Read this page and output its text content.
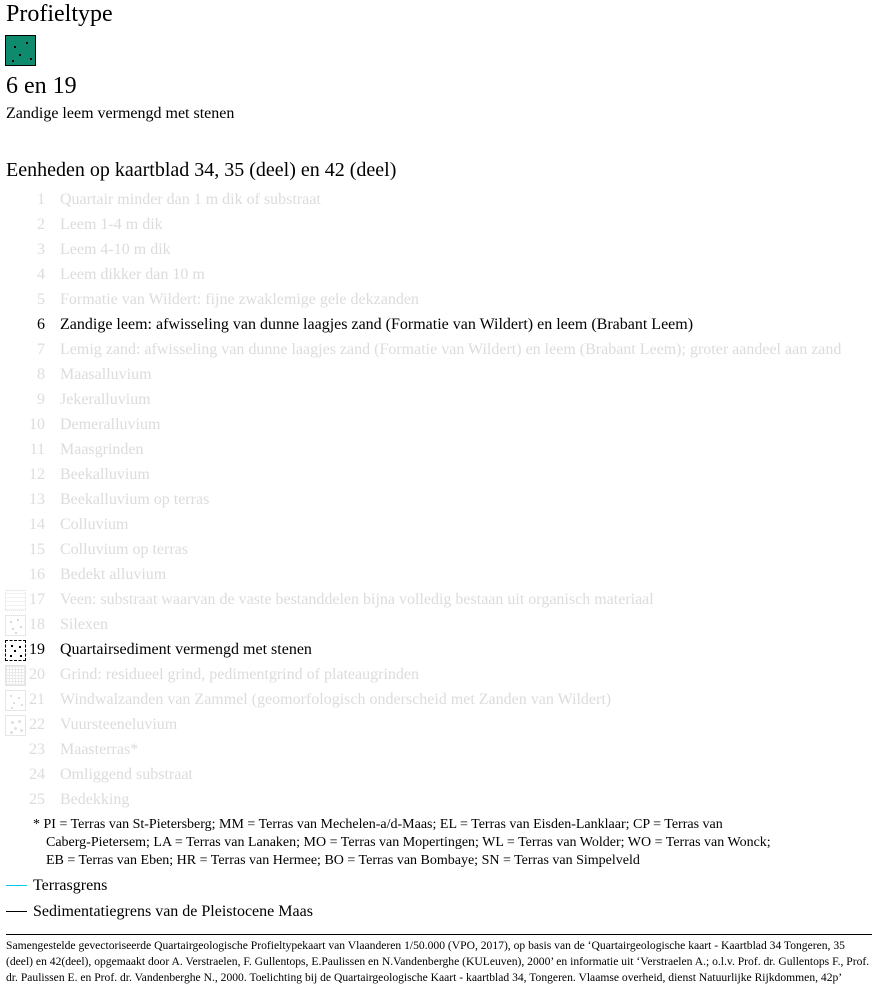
Profieltype
6 en 19
Zandige leem vermengd met stenen
Eenheden op kaartblad 34, 35 (deel) en 42 (deel)
1 Quartair minder dan 1 m dik of substraat
2 Leem 1-4 m dik
3 Leem 4-10 m dik
4 Leem dikker dan 10 m
5 Formatie van Wildert: fijne zwaklemige gele dekzanden
6 Zandige leem: afwisseling van dunne laagjes zand (Formatie van Wildert) en leem (Brabant Leem)
7 Lemig zand: afwisseling van dunne laagjes zand (Formatie van Wildert) en leem (Brabant Leem); groter aandeel aan zand
8 Maasalluvium
9 Jekeralluvium
10 Demeralluvium
11 Maasgrinden
12 Beekalluvium
13 Beekalluvium op terras
14 Colluvium
15 Colluvium op terras
16 Bedekt alluvium
17 Veen: substraat waarvan de vaste bestanddelen bijna volledig bestaan uit organisch materiaal
18 Silexen
19 Quartairsediment vermengd met stenen
20 Grind: residueel grind, pedimentgrind of plateaugrinden
21 Windwalzanden van Zammel (geomorfologisch onderscheid met Zanden van Wildert)
22 Vuursteeneluvium
23 Maasterras*
24 Omliggend substraat
25 Bedekking
* PI = Terras van St-Pietersberg; MM = Terras van Mechelen-a/d-Maas; EL = Terras van Eisden-Lanklaar; CP = Terras van
Caberg-Pietersem; LA = Terras van Lanaken; MO = Terras van Mopertingen; WL = Terras van Wolder; WO = Terras van Wonck;
EB = Terras van Eben; HR = Terras van Hermee; BO = Terras van Bombaye; SN = Terras van Simpelveld
Terrasgrens
Sedimentatiegrens van de Pleistocene Maas
Samengestelde gevectoriseerde Quartairgeologische Profieltypekaart van Vlaanderen 1/50.000 (VPO, 2017), op basis van de ‘Quartairgeologische kaart - Kaartblad 34 Tongeren, 35 (deel) en 42(deel), opgemaakt door A. Verstraelen, F. Gullentops, E.Paulissen en N.Vandenberghe (KULeuven), 2000’ en informatie uit ‘Verstraelen A.; o.l.v. Prof. dr. Gullentops F., Prof. dr. Paulissen E. en Prof. dr. Vandenberghe N., 2000. Toelichting bij de Quartairgeologische Kaart - kaartblad 34, Tongeren. Vlaamse overheid, dienst Natuurlijke Rijkdommen, 42p’
